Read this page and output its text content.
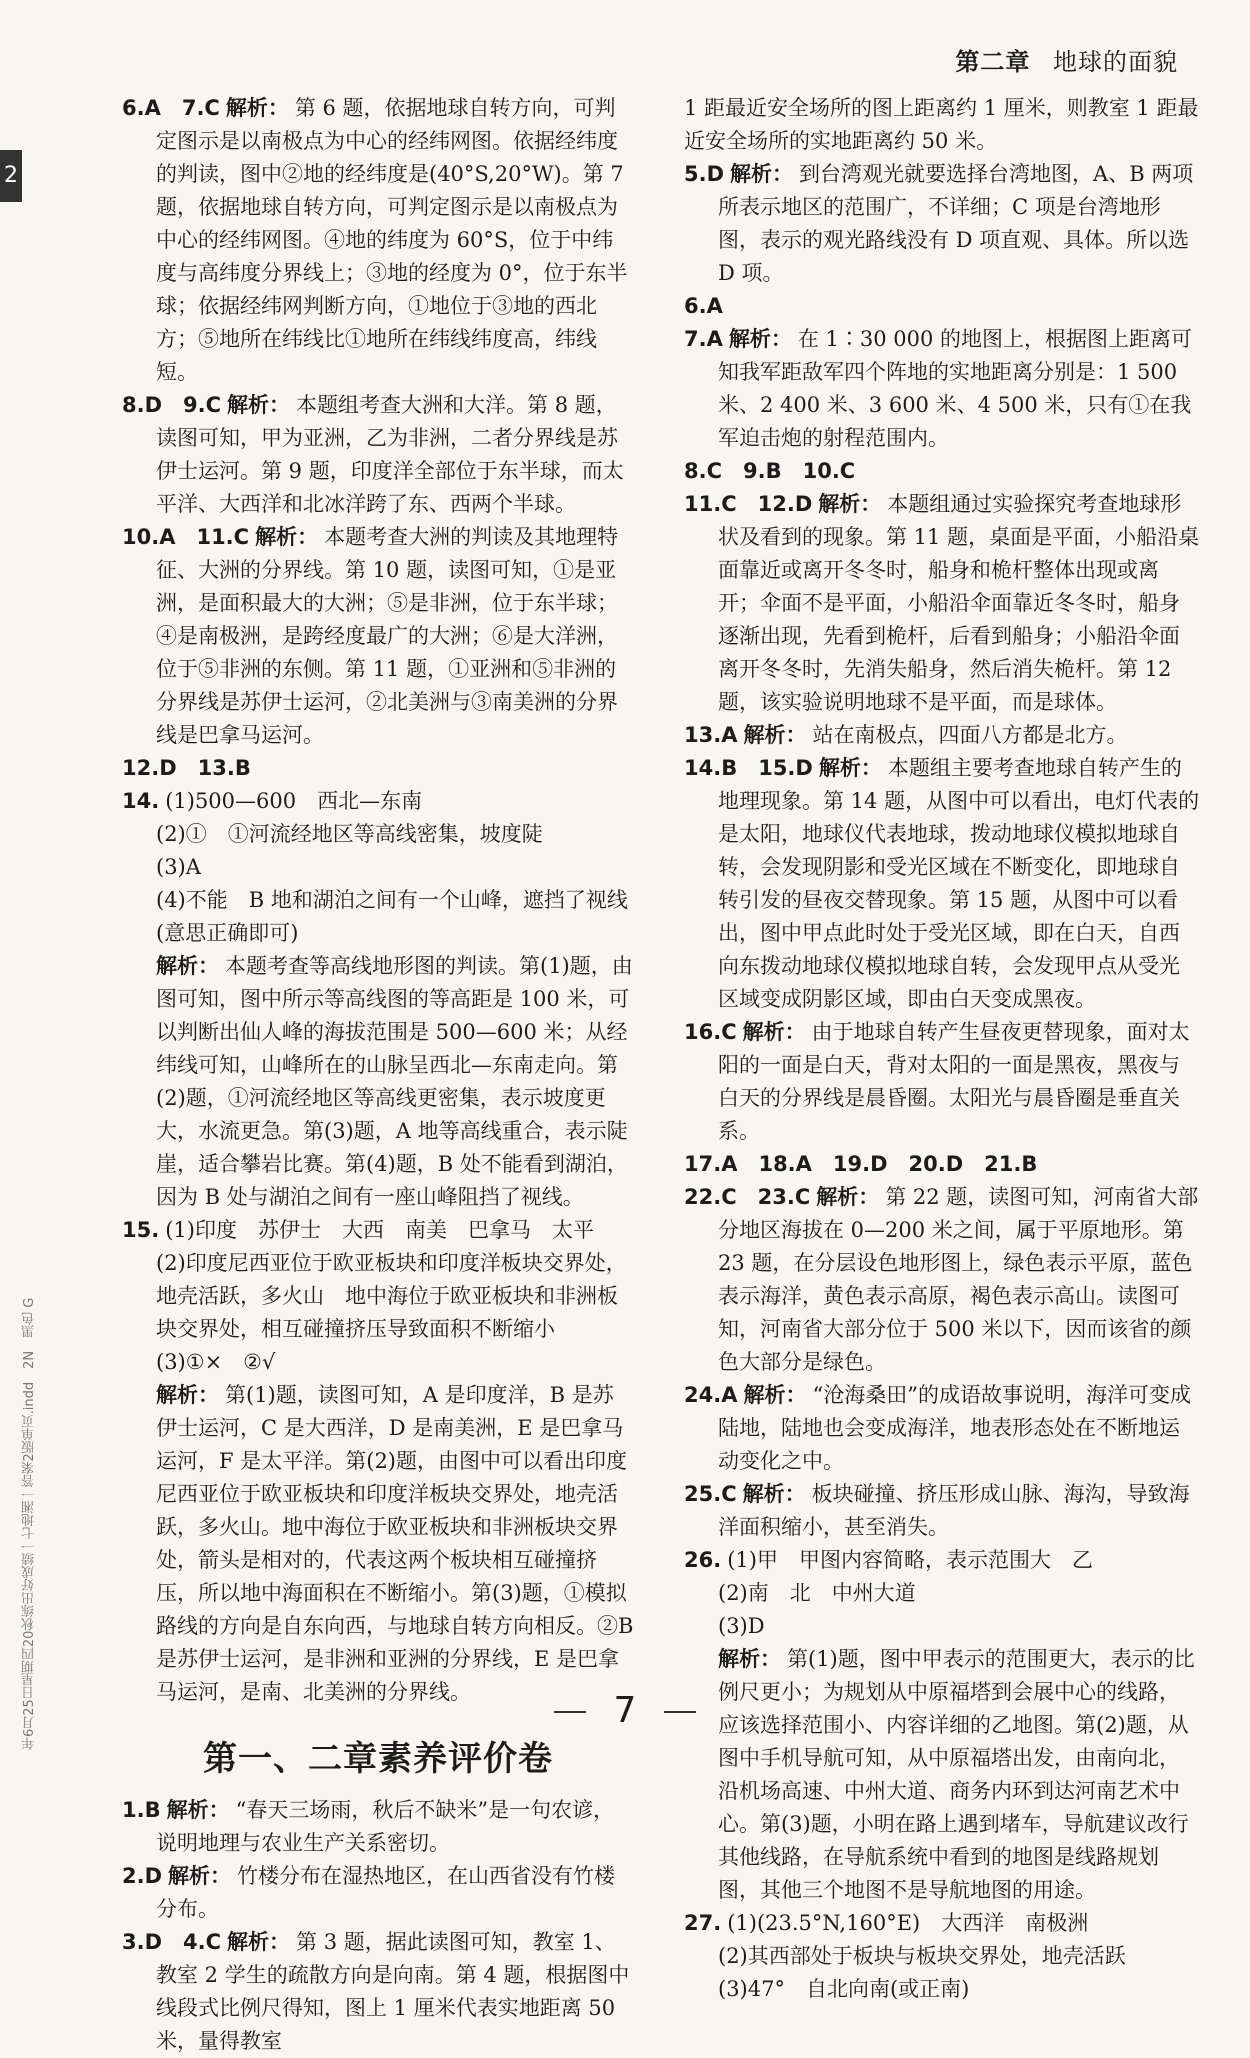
第二章 地球的面貌
2
年6月25日星期四20秋练出好成绩一七地湘一答案2版单页.indd　2N　黑色 G
6.A　7.C 解析： 第 6 题，依据地球自转方向，可判定图示是以南极点为中心的经纬网图。依据经纬度的判读，图中②地的经纬度是(40°S,20°W)。第 7 题，依据地球自转方向，可判定图示是以南极点为中心的经纬网图。④地的纬度为 60°S，位于中纬度与高纬度分界线上；③地的经度为 0°，位于东半球；依据经纬网判断方向，①地位于③地的西北方；⑤地所在纬线比①地所在纬线纬度高，纬线短。
8.D　9.C 解析： 本题组考查大洲和大洋。第 8 题，读图可知，甲为亚洲，乙为非洲，二者分界线是苏伊士运河。第 9 题，印度洋全部位于东半球，而太平洋、大西洋和北冰洋跨了东、西两个半球。
10.A　11.C 解析： 本题考查大洲的判读及其地理特征、大洲的分界线。第 10 题，读图可知，①是亚洲，是面积最大的大洲；⑤是非洲，位于东半球；④是南极洲，是跨经度最广的大洲；⑥是大洋洲，位于⑤非洲的东侧。第 11 题，①亚洲和⑤非洲的分界线是苏伊士运河，②北美洲与③南美洲的分界线是巴拿马运河。
12.D　13.B
14. (1)500—600　西北—东南
(2)①　①河流经地区等高线密集，坡度陡
(3)A
(4)不能　B 地和湖泊之间有一个山峰，遮挡了视线(意思正确即可)
解析： 本题考查等高线地形图的判读。第(1)题，由图可知，图中所示等高线图的等高距是 100 米，可以判断出仙人峰的海拔范围是 500—600 米；从经纬线可知，山峰所在的山脉呈西北—东南走向。第(2)题，①河流经地区等高线更密集，表示坡度更大，水流更急。第(3)题，A 地等高线重合，表示陡崖，适合攀岩比赛。第(4)题，B 处不能看到湖泊，因为 B 处与湖泊之间有一座山峰阻挡了视线。
15. (1)印度　苏伊士　大西　南美　巴拿马　太平
(2)印度尼西亚位于欧亚板块和印度洋板块交界处，地壳活跃，多火山　地中海位于欧亚板块和非洲板块交界处，相互碰撞挤压导致面积不断缩小
(3)①×　②√
解析： 第(1)题，读图可知，A 是印度洋，B 是苏伊士运河，C 是大西洋，D 是南美洲，E 是巴拿马运河，F 是太平洋。第(2)题，由图中可以看出印度尼西亚位于欧亚板块和印度洋板块交界处，地壳活跃，多火山。地中海位于欧亚板块和非洲板块交界处，箭头是相对的，代表这两个板块相互碰撞挤压，所以地中海面积在不断缩小。第(3)题，①模拟路线的方向是自东向西，与地球自转方向相反。②B 是苏伊士运河，是非洲和亚洲的分界线，E 是巴拿马运河，是南、北美洲的分界线。
第一、二章素养评价卷
1.B 解析： “春天三场雨，秋后不缺米”是一句农谚，说明地理与农业生产关系密切。
2.D 解析： 竹楼分布在湿热地区，在山西省没有竹楼分布。
3.D　4.C 解析： 第 3 题，据此读图可知，教室 1、教室 2 学生的疏散方向是向南。第 4 题，根据图中线段式比例尺得知，图上 1 厘米代表实地距离 50 米，量得教室
1 距最近安全场所的图上距离约 1 厘米，则教室 1 距最近安全场所的实地距离约 50 米。
5.D 解析： 到台湾观光就要选择台湾地图，A、B 两项所表示地区的范围广，不详细；C 项是台湾地形图，表示的观光路线没有 D 项直观、具体。所以选 D 项。
6.A
7.A 解析： 在 1∶30 000 的地图上，根据图上距离可知我军距敌军四个阵地的实地距离分别是：1 500 米、2 400 米、3 600 米、4 500 米，只有①在我军迫击炮的射程范围内。
8.C　9.B　10.C
11.C　12.D 解析： 本题组通过实验探究考查地球形状及看到的现象。第 11 题，桌面是平面，小船沿桌面靠近或离开冬冬时，船身和桅杆整体出现或离开；伞面不是平面，小船沿伞面靠近冬冬时，船身逐渐出现，先看到桅杆，后看到船身；小船沿伞面离开冬冬时，先消失船身，然后消失桅杆。第 12 题，该实验说明地球不是平面，而是球体。
13.A 解析： 站在南极点，四面八方都是北方。
14.B　15.D 解析： 本题组主要考查地球自转产生的地理现象。第 14 题，从图中可以看出，电灯代表的是太阳，地球仪代表地球，拨动地球仪模拟地球自转，会发现阴影和受光区域在不断变化，即地球自转引发的昼夜交替现象。第 15 题，从图中可以看出，图中甲点此时处于受光区域，即在白天，自西向东拨动地球仪模拟地球自转，会发现甲点从受光区域变成阴影区域，即由白天变成黑夜。
16.C 解析： 由于地球自转产生昼夜更替现象，面对太阳的一面是白天，背对太阳的一面是黑夜，黑夜与白天的分界线是晨昏圈。太阳光与晨昏圈是垂直关系。
17.A　18.A　19.D　20.D　21.B
22.C　23.C 解析： 第 22 题，读图可知，河南省大部分地区海拔在 0—200 米之间，属于平原地形。第 23 题，在分层设色地形图上，绿色表示平原，蓝色表示海洋，黄色表示高原，褐色表示高山。读图可知，河南省大部分位于 500 米以下，因而该省的颜色大部分是绿色。
24.A 解析： “沧海桑田”的成语故事说明，海洋可变成陆地，陆地也会变成海洋，地表形态处在不断地运动变化之中。
25.C 解析： 板块碰撞、挤压形成山脉、海沟，导致海洋面积缩小，甚至消失。
26. (1)甲　甲图内容简略，表示范围大　乙
(2)南　北　中州大道
(3)D
解析： 第(1)题，图中甲表示的范围更大，表示的比例尺更小；为规划从中原福塔到会展中心的线路，应该选择范围小、内容详细的乙地图。第(2)题，从图中手机导航可知，从中原福塔出发，由南向北，沿机场高速、中州大道、商务内环到达河南艺术中心。第(3)题，小明在路上遇到堵车，导航建议改行其他线路，在导航系统中看到的地图是线路规划图，其他三个地图不是导航地图的用途。
27. (1)(23.5°N,160°E)　大西洋　南极洲
(2)其西部处于板块与板块交界处，地壳活跃
(3)47°　自北向南(或正南)
7
